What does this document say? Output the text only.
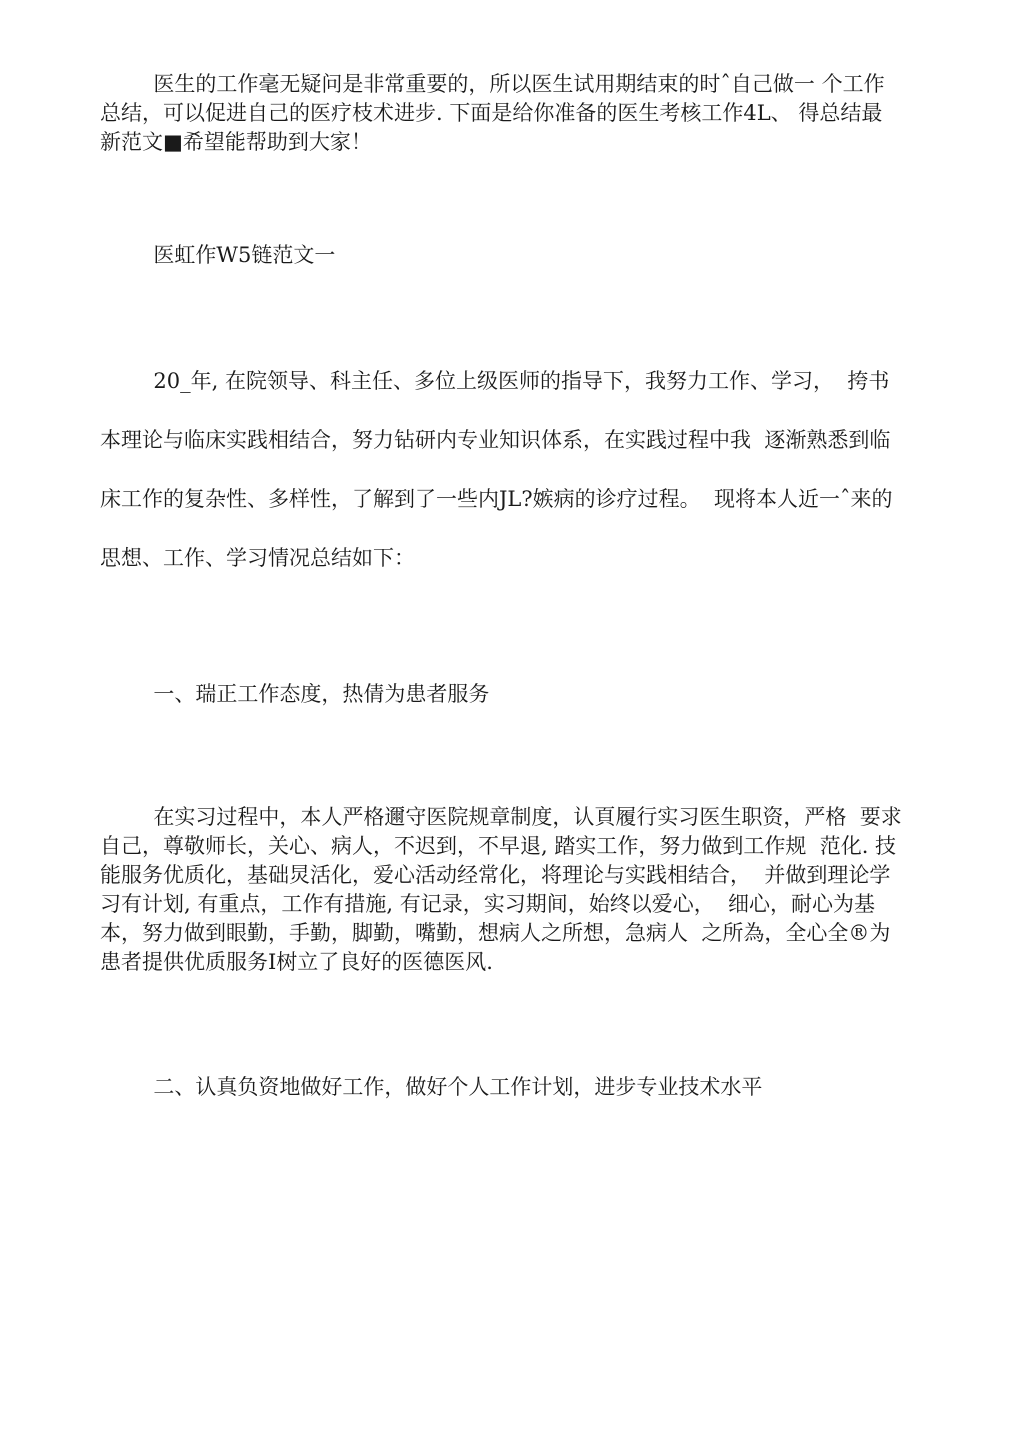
医生的工作毫无疑问是非常重要的，所以医生试用期结束的时ˆ自己做一 个工作
总结，可以促进自己的医疗枝术进步. 下面是给你准备的医生考核工作4L、 得总结最
新范文■希望能帮助到大家！

医虹作W5链范文一

20_年, 在院领导、科主任、多位上级医师的指导下，我努力工作、学习，  挎书
本理论与临床实践相结合，努力钻研内专业知识体系，在实践过程中我  逐渐熟悉到临
床工作的复杂性、多样性，了解到了一些内JL?嫉病的诊疗过程。  现将本人近一ˆ来的
思想、工作、学习情况总结如下：

一、瑞正工作态度，热倩为患者服务

在实习过程中，本人严格邇守医院规章制度，认頁履行实习医生职资，严格  要求
自己，尊敬师长，关心、病人，不迟到，不早退, 踏实工作，努力做到工作规  范化. 技
能服务优质化，基础炅活化，爱心活动经常化，将理论与实践相结合，  并做到理论学
习有计划, 有重点，工作有措施, 有记录，实习期间，始终以爱心，  细心，耐心为基
本，努力做到眼勤，手勤，脚勤，嘴勤，想病人之所想，急病人  之所為，全心全®为
患者提供优质服务I树立了良好的医德医风.

二、认真负资地做好工作，做好个人工作计划，进步专业技术水平
